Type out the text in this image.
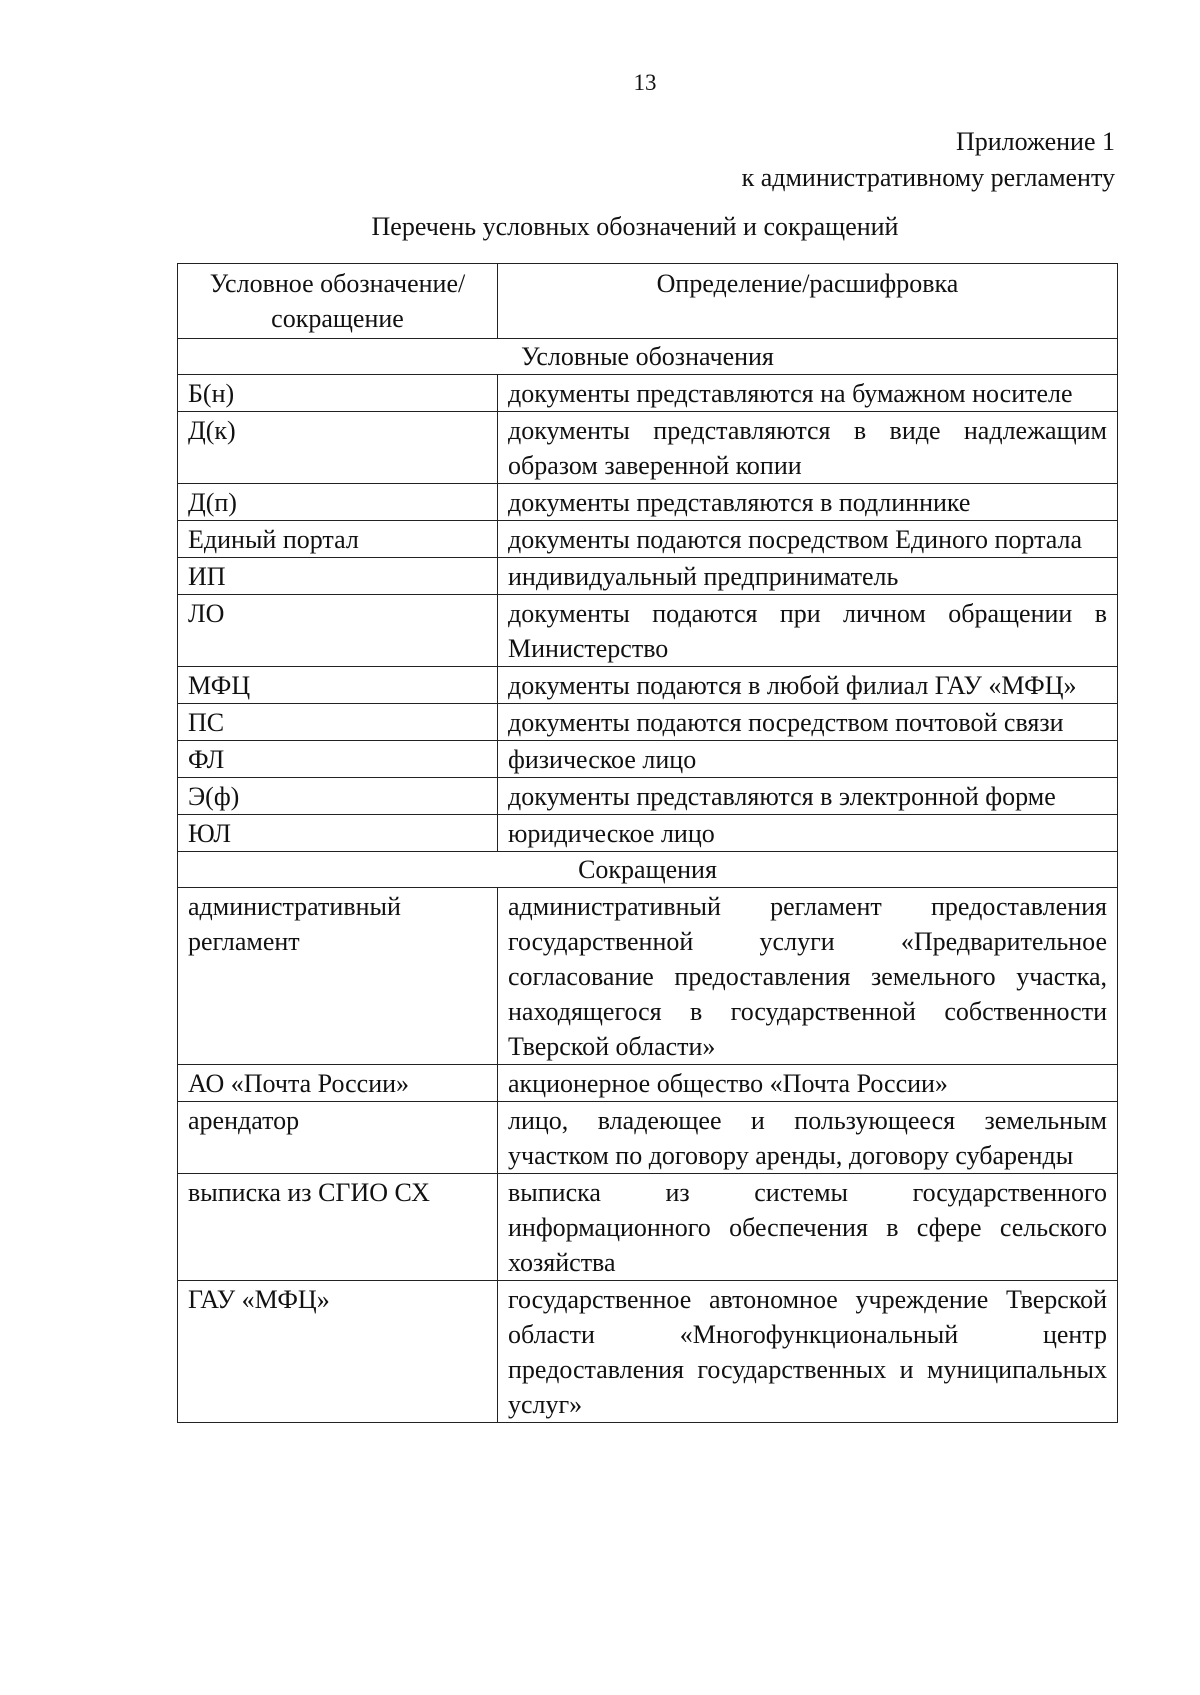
13
Приложение 1
к административному регламенту
Перечень условных обозначений и сокращений
Условное обозначение/сокращение	Определение/расшифровка
Условные обозначения	
Б(н)	документы представляются на бумажном носителе
Д(к)	документы представляются в виде надлежащим образом заверенной копии
Д(п)	документы представляются в подлиннике
Единый портал	документы подаются посредством Единого портала
ИП	индивидуальный предприниматель
ЛО	документы подаются при личном обращении в Министерство
МФЦ	документы подаются в любой филиал ГАУ «МФЦ»
ПС	документы подаются посредством почтовой связи
ФЛ	физическое лицо
Э(ф)	документы представляются в электронной форме
ЮЛ	юридическое лицо
Сокращения	
административный регламент	административный регламент предоставления государственной услуги «Предварительное согласование предоставления земельного участка, находящегося в государственной собственности Тверской области»
АО «Почта России»	акционерное общество «Почта России»
арендатор	лицо, владеющее и пользующееся земельным участком по договору аренды, договору субаренды
выписка из СГИО СХ	выписка из системы государственного информационного обеспечения в сфере сельского хозяйства
ГАУ «МФЦ»	государственное автономное учреждение Тверской области «Многофункциональный центр предоставления государственных и муниципальных услуг»
